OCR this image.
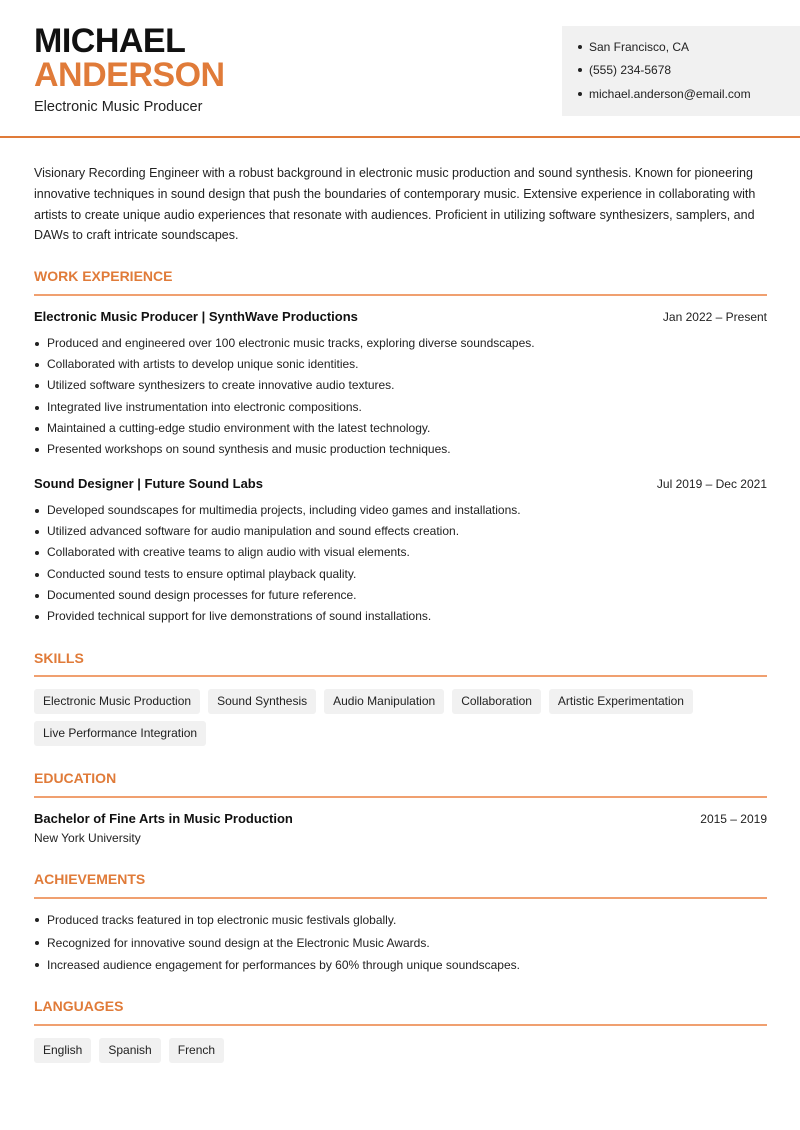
MICHAEL
ANDERSON
Electronic Music Producer
San Francisco, CA
(555) 234-5678
michael.anderson@email.com
Visionary Recording Engineer with a robust background in electronic music production and sound synthesis. Known for pioneering innovative techniques in sound design that push the boundaries of contemporary music. Extensive experience in collaborating with artists to create unique audio experiences that resonate with audiences. Proficient in utilizing software synthesizers, samplers, and DAWs to craft intricate soundscapes.
WORK EXPERIENCE
Electronic Music Producer | SynthWave Productions	Jan 2022 – Present
Produced and engineered over 100 electronic music tracks, exploring diverse soundscapes.
Collaborated with artists to develop unique sonic identities.
Utilized software synthesizers to create innovative audio textures.
Integrated live instrumentation into electronic compositions.
Maintained a cutting-edge studio environment with the latest technology.
Presented workshops on sound synthesis and music production techniques.
Sound Designer | Future Sound Labs	Jul 2019 – Dec 2021
Developed soundscapes for multimedia projects, including video games and installations.
Utilized advanced software for audio manipulation and sound effects creation.
Collaborated with creative teams to align audio with visual elements.
Conducted sound tests to ensure optimal playback quality.
Documented sound design processes for future reference.
Provided technical support for live demonstrations of sound installations.
SKILLS
Electronic Music Production	Sound Synthesis	Audio Manipulation	Collaboration	Artistic Experimentation
Live Performance Integration
EDUCATION
Bachelor of Fine Arts in Music Production	2015 – 2019
New York University
ACHIEVEMENTS
Produced tracks featured in top electronic music festivals globally.
Recognized for innovative sound design at the Electronic Music Awards.
Increased audience engagement for performances by 60% through unique soundscapes.
LANGUAGES
English	Spanish	French
